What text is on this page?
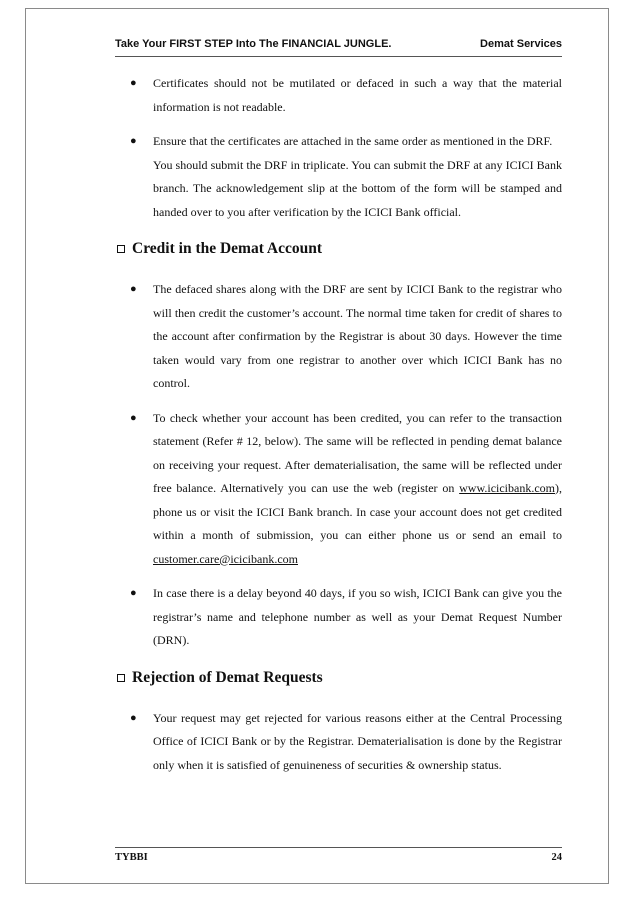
Take Your FIRST STEP Into The FINANCIAL JUNGLE.	Demat Services
● Certificates should not be mutilated or defaced in such a way that the material information is not readable.
● Ensure that the certificates are attached in the same order as mentioned in the DRF.
You should submit the DRF in triplicate. You can submit the DRF at any ICICI Bank branch. The acknowledgement slip at the bottom of the form will be stamped and handed over to you after verification by the ICICI Bank official.
Credit in the Demat Account
● The defaced shares along with the DRF are sent by ICICI Bank to the registrar who will then credit the customer’s account. The normal time taken for credit of shares to the account after confirmation by the Registrar is about 30 days. However the time taken would vary from one registrar to another over which ICICI Bank has no control.
● To check whether your account has been credited, you can refer to the transaction statement (Refer # 12, below). The same will be reflected in pending demat balance on receiving your request. After dematerialisation, the same will be reflected under free balance. Alternatively you can use the web (register on www.icicibank.com), phone us or visit the ICICI Bank branch. In case your account does not get credited within a month of submission, you can either phone us or send an email to customer.care@icicibank.com
● In case there is a delay beyond 40 days, if you so wish, ICICI Bank can give you the registrar’s name and telephone number as well as your Demat Request Number (DRN).
Rejection of Demat Requests
● Your request may get rejected for various reasons either at the Central Processing Office of ICICI Bank or by the Registrar. Dematerialisation is done by the Registrar only when it is satisfied of genuineness of securities & ownership status.
TYBBI	24
